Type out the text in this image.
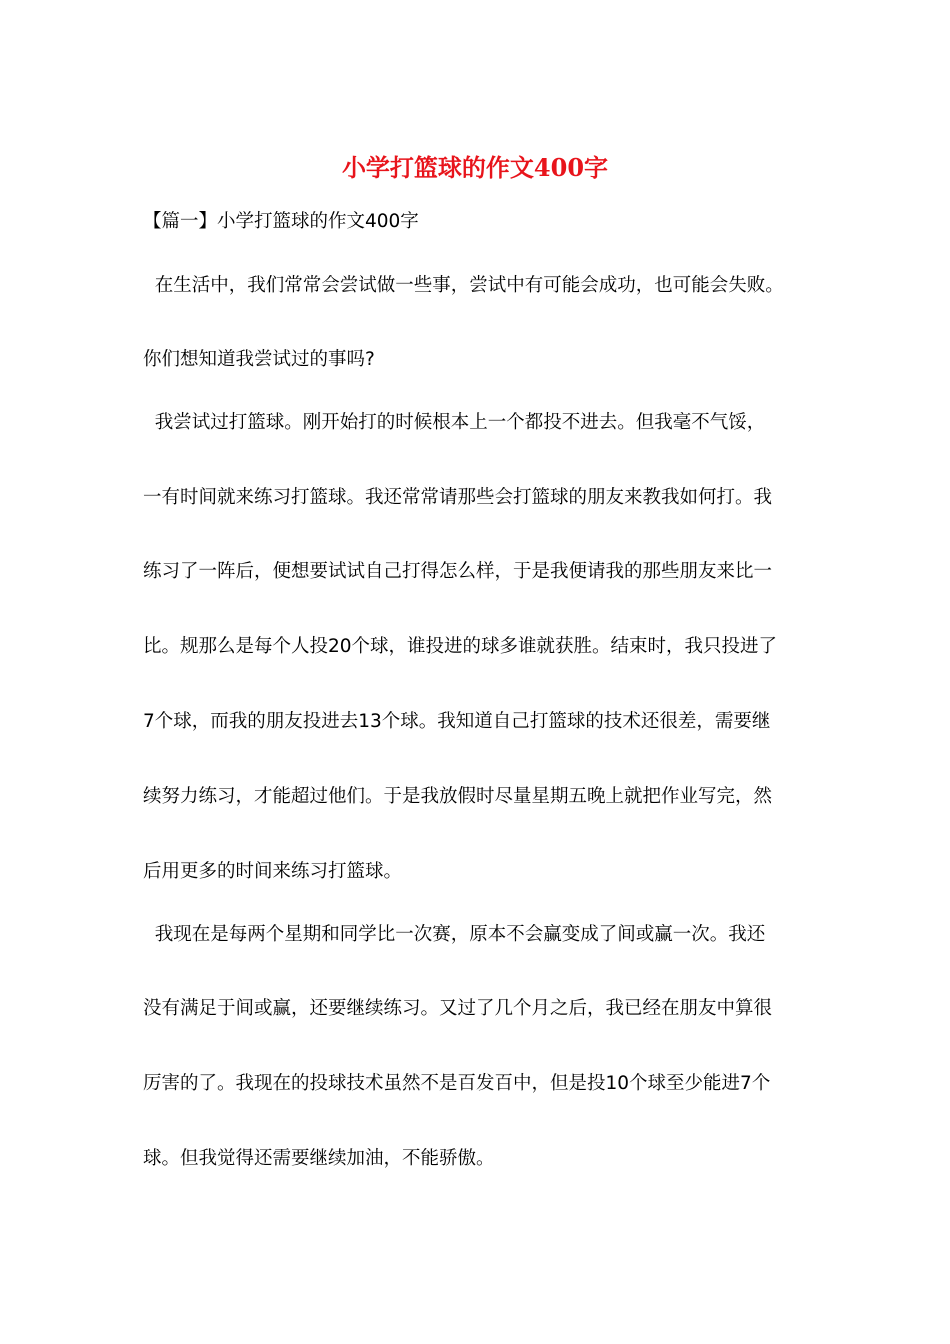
小学打篮球的作文400字

【篇一】小学打篮球的作文400字

在生活中，我们常常会尝试做一些事，尝试中有可能会成功，也可能会失败。

你们想知道我尝试过的事吗?

我尝试过打篮球。刚开始打的时候根本上一个都投不进去。但我毫不气馁，

一有时间就来练习打篮球。我还常常请那些会打篮球的朋友来教我如何打。我

练习了一阵后，便想要试试自己打得怎么样，于是我便请我的那些朋友来比一

比。规那么是每个人投20个球，谁投进的球多谁就获胜。结束时，我只投进了

7个球，而我的朋友投进去13个球。我知道自己打篮球的技术还很差，需要继

续努力练习，才能超过他们。于是我放假时尽量星期五晚上就把作业写完，然

后用更多的时间来练习打篮球。

我现在是每两个星期和同学比一次赛，原本不会赢变成了间或赢一次。我还

没有满足于间或赢，还要继续练习。又过了几个月之后，我已经在朋友中算很

厉害的了。我现在的投球技术虽然不是百发百中，但是投10个球至少能进7个

球。但我觉得还需要继续加油，不能骄傲。
